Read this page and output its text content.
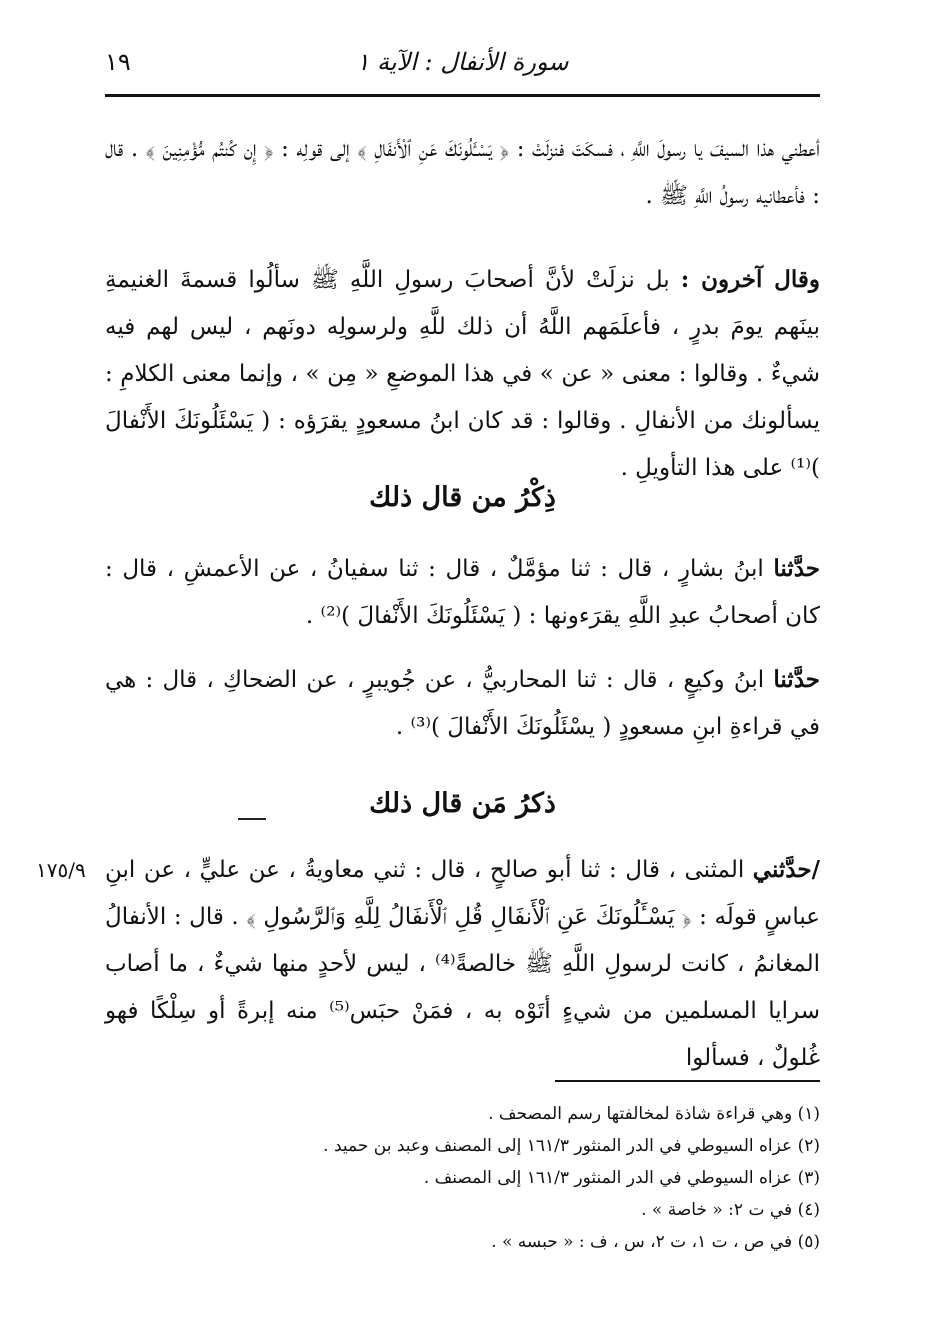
سورة الأنفال : الآية ١
١٩
أعطني هذا السيفَ يا رسولَ اللَّهِ ، فسكَتَ فنزلَتْ : ﴿ يَسْـَٔلُونَكَ عَنِ ٱلْأَنفَالِ ﴾ إلى قولِه : ﴿ إِن كُنتُم مُّؤْمِنِينَ ﴾ . قال : فأعطانيه رسولُ اللَّهِ ﷺ .
وقال آخرون : بل نزلَتْ لأنَّ أصحابَ رسولِ اللَّهِ ﷺ سألُوا قسمةَ الغنيمةِ بينَهم يومَ بدرٍ ، فأعلَمَهم اللَّهُ أن ذلك للَّهِ ولرسولِه دونَهم ، ليس لهم فيه شيءٌ . وقالوا : معنى « عن » في هذا الموضعِ « مِن » ، وإنما معنى الكلامِ : يسألونك من الأنفالِ . وقالوا : قد كان ابنُ مسعودٍ يقرَؤه : ( يَسْئَلُونَكَ الأَنْفالَ )⁽¹⁾ على هذا التأويلِ .
ذِكْرُ من قال ذلك
حدَّثنا ابنُ بشارٍ ، قال : ثنا مؤمَّلٌ ، قال : ثنا سفيانُ ، عن الأعمشِ ، قال : كان أصحابُ عبدِ اللَّهِ يقرَءونها : ( يَسْئَلُونَكَ الأَنْفالَ )⁽²⁾ .
حدَّثنا ابنُ وكيعٍ ، قال : ثنا المحاربيُّ ، عن جُويبرٍ ، عن الضحاكِ ، قال : هي في قراءةِ ابنِ مسعودٍ ( يسْئَلُونَكَ الأَنْفالَ )⁽³⁾ .
ذكرُ مَن قال ذلك
١٧٥/٩	/حدَّثني المثنى ، قال : ثنا أبو صالحٍ ، قال : ثني معاويةُ ، عن عليٍّ ، عن ابنِ عباسٍ قولَه : ﴿ يَسْـَٔلُونَكَ عَنِ ٱلْأَنفَالِ قُلِ ٱلْأَنفَالُ لِلَّهِ وَٱلرَّسُولِ ﴾ . قال : الأنفالُ المغانمُ ، كانت لرسولِ اللَّهِ ﷺ خالصةً⁽⁴⁾ ، ليس لأحدٍ منها شيءٌ ، ما أصاب سرايا المسلمين من شيءٍ أتَوْه به ، فمَنْ حبَس⁽⁵⁾ منه إبرةً أو سِلْكًا فهو غُلولٌ ، فسألوا
(١) وهي قراءة شاذة لمخالفتها رسم المصحف .
(٢) عزاه السيوطي في الدر المنثور ١٦١/٣ إلى المصنف وعبد بن حميد .
(٣) عزاه السيوطي في الدر المنثور ١٦١/٣ إلى المصنف .
(٤) في ت ٢: « خاصة » .
(٥) في ص ، ت ١، ت ٢، س ، ف : « حبسه » .
